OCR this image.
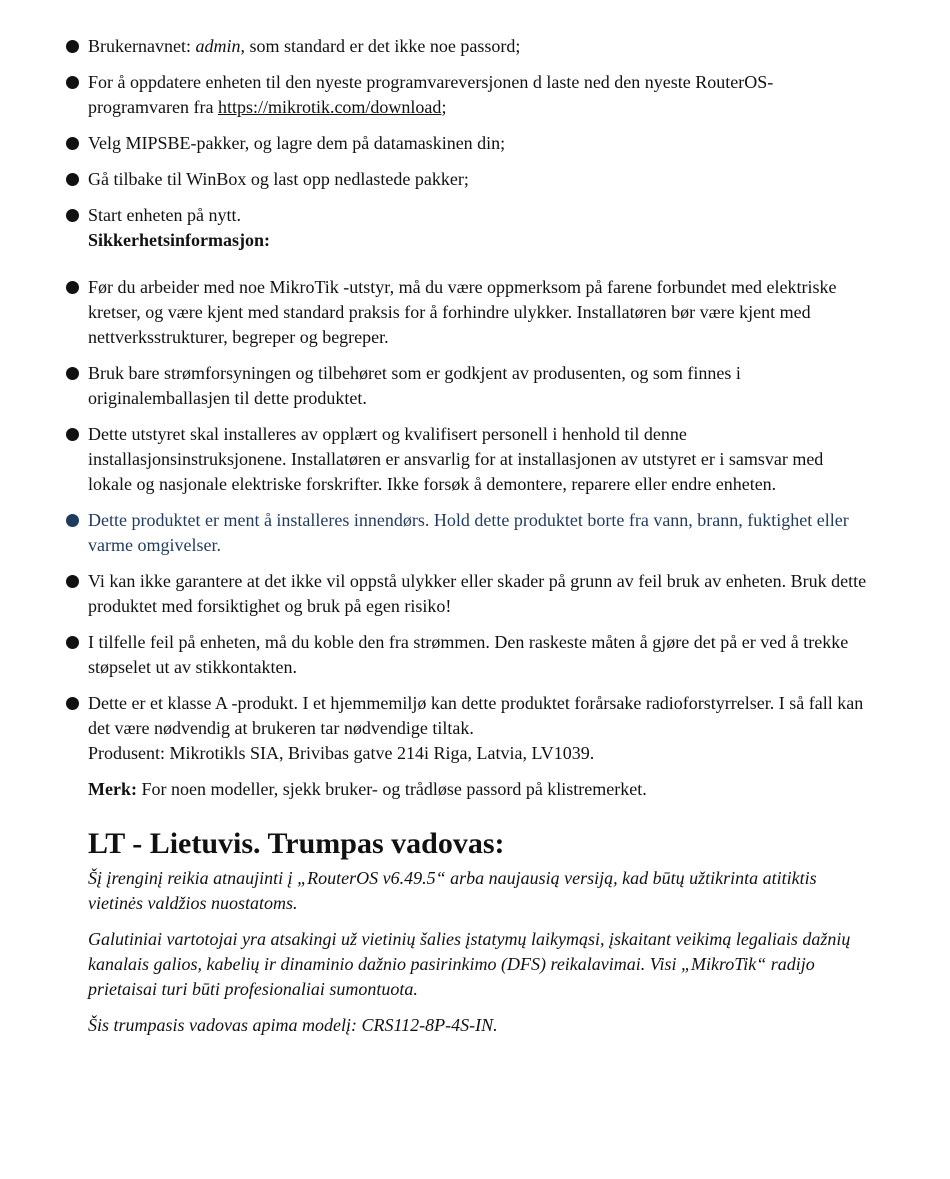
Brukernavnet: admin, som standard er det ikke noe passord;
For å oppdatere enheten til den nyeste programvareversjonen d laste ned den nyeste RouterOS-programvaren fra https://mikrotik.com/download;
Velg MIPSBE-pakker, og lagre dem på datamaskinen din;
Gå tilbake til WinBox og last opp nedlastede pakker;
Start enheten på nytt.
Sikkerhetsinformasjon:
Før du arbeider med noe MikroTik -utstyr, må du være oppmerksom på farene forbundet med elektriske kretser, og være kjent med standard praksis for å forhindre ulykker. Installatøren bør være kjent med nettverksstrukturer, begreper og begreper.
Bruk bare strømforsyningen og tilbehøret som er godkjent av produsenten, og som finnes i originalemballasjen til dette produktet.
Dette utstyret skal installeres av opplært og kvalifisert personell i henhold til denne installasjonsinstruksjonene. Installatøren er ansvarlig for at installasjonen av utstyret er i samsvar med lokale og nasjonale elektriske forskrifter. Ikke forsøk å demontere, reparere eller endre enheten.
Dette produktet er ment å installeres innendørs. Hold dette produktet borte fra vann, brann, fuktighet eller varme omgivelser.
Vi kan ikke garantere at det ikke vil oppstå ulykker eller skader på grunn av feil bruk av enheten. Bruk dette produktet med forsiktighet og bruk på egen risiko!
I tilfelle feil på enheten, må du koble den fra strømmen. Den raskeste måten å gjøre det på er ved å trekke støpselet ut av stikkontakten.
Dette er et klasse A -produkt. I et hjemmemiljø kan dette produktet forårsake radioforstyrrelser. I så fall kan det være nødvendig at brukeren tar nødvendige tiltak.
Produsent: Mikrotikls SIA, Brivibas gatve 214i Riga, Latvia, LV1039.
Merk: For noen modeller, sjekk bruker- og trådløse passord på klistremerket.
LT - Lietuvis. Trumpas vadovas:

Šį įrenginį reikia atnaujinti į „RouterOS v6.49.5“ arba naujausią versiją, kad būtų užtikrinta atitiktis vietinės valdžios nuostatoms.

Galutiniai vartotojai yra atsakingi už vietinių šalies įstatymų laikymąsi, įskaitant veikimą legaliais dažnių kanalais galios, kabelių ir dinaminio dažnio pasirinkimo (DFS) reikalavimai. Visi „MikroTik“ radijo prietaisai turi būti profesionaliai sumontuota.

Šis trumpasis vadovas apima modelį: CRS112-8P-4S-IN.
